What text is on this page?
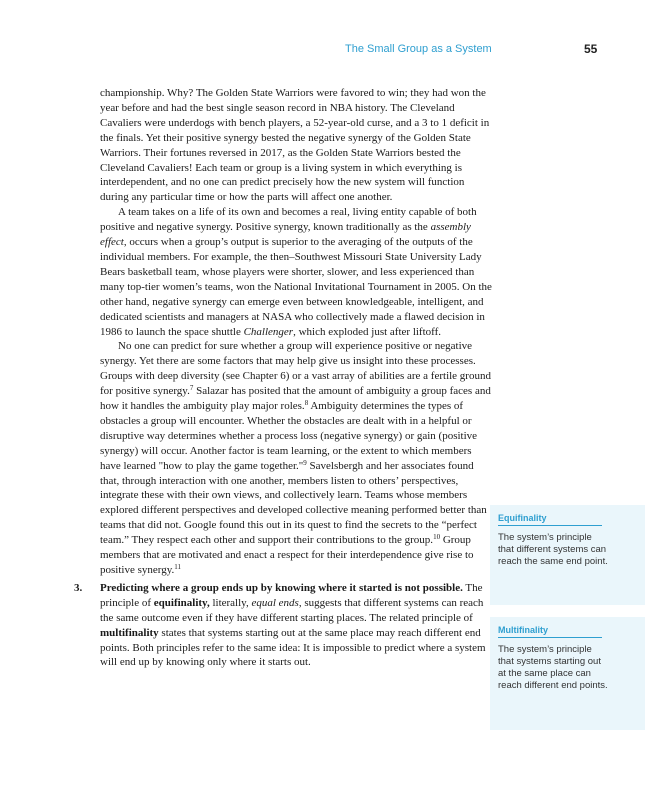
The Small Group as a System	55

championship. Why? The Golden State Warriors were favored to win; they had won the year before and had the best single season record in NBA history. The Cleveland Cavaliers were underdogs with bench players, a 52-year-old curse, and a 3 to 1 deficit in the finals. Yet their positive synergy bested the negative synergy of the Golden State Warriors. Their fortunes reversed in 2017, as the Golden State Warriors bested the Cleveland Cavaliers! Each team or group is a living system in which everything is interdependent, and no one can predict precisely how the new system will function during any particular time or how the parts will affect one another.

A team takes on a life of its own and becomes a real, living entity capable of both positive and negative synergy. Positive synergy, known traditionally as the assembly effect, occurs when a group’s output is superior to the averaging of the outputs of the individual members. For example, the then–Southwest Missouri State University Lady Bears basketball team, whose players were shorter, slower, and less experienced than many top-tier women’s teams, won the National Invitational Tournament in 2005. On the other hand, negative synergy can emerge even between knowledgeable, intelligent, and dedicated scientists and managers at NASA who collectively made a flawed decision in 1986 to launch the space shuttle Challenger, which exploded just after liftoff.

No one can predict for sure whether a group will experience positive or negative synergy. Yet there are some factors that may help give us insight into these processes. Groups with deep diversity (see Chapter 6) or a vast array of abilities are a fertile ground for positive synergy.$^7$ Salazar has posited that the amount of ambiguity a group faces and how it handles the ambiguity play major roles.$^8$ Ambiguity determines the types of obstacles a group will encounter. Whether the obstacles are dealt with in a helpful or disruptive way determines whether a process loss (negative synergy) or gain (positive synergy) will occur. Another factor is team learning, or the extent to which members have learned "how to play the game together."$^9$ Savelsbergh and her associates found that, through interaction with one another, members listen to others’ perspectives, integrate these with their own views, and collectively learn. Teams whose members explored different perspectives and developed collective meaning performed better than teams that did not. Google found this out in its quest to find the secrets to the “perfect team.” They respect each other and support their contributions to the group.$^{10}$ Group members that are motivated and enact a respect for their interdependence give rise to positive synergy.$^{11}$

3. Predicting where a group ends up by knowing where it started is not possible. The principle of equifinality, literally, equal ends, suggests that different systems can reach the same outcome even if they have different starting places. The related principle of multifinality states that systems starting out at the same place may reach different end points. Both principles refer to the same idea: It is impossible to predict where a system will end up by knowing only where it starts out.

Equifinality
The system’s principle that different systems can reach the same end point.
Multifinality
The system’s principle that systems starting out at the same place can reach different end points.
